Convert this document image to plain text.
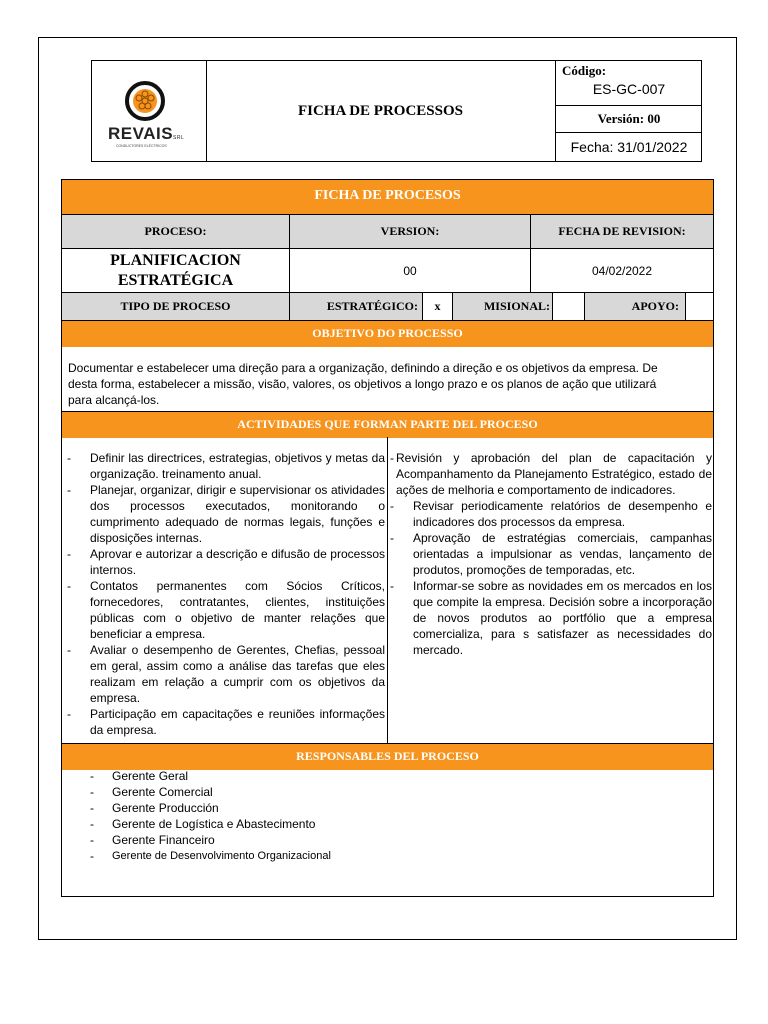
REVAISSRL
CONDUCTORES ELÉCTRICOS
FICHA DE PROCESSOS
Código:
ES-GC-007
Versión: 00
Fecha: 31/01/2022
FICHA DE PROCESOS
PROCESO:	VERSION:	FECHA DE REVISION:
PLANIFICACION
ESTRATÉGICA
00	04/02/2022
TIPO DE PROCESO	ESTRATÉGICO:	x	MISIONAL:	APOYO:
OBJETIVO DO PROCESSO
Documentar e estabelecer uma direção para a organização, definindo a direção e os objetivos da empresa. De
desta forma, estabelecer a missão, visão, valores, os objetivos a longo prazo e os planos de ação que utilizará
para alcançá-los.
ACTIVIDADES QUE FORMAN PARTE DEL PROCESO
-	Definir las directrices, estrategias, objetivos y metas da organização. treinamento anual.
-	Planejar, organizar, dirigir e supervisionar os atividades dos processos executados, monitorando o cumprimento adequado de normas legais, funções e disposições internas.
-	Aprovar e autorizar a descrição e difusão de processos internos.
-	Contatos permanentes com Sócios Críticos, fornecedores, contratantes, clientes, instituições públicas com o objetivo de manter relações que beneficiar a empresa.
-	Avaliar o desempenho de Gerentes, Chefias, pessoal em geral, assim como a análise das tarefas que eles realizam em relação a cumprir com os objetivos da empresa.
-	Participação em capacitações e reuniões informações da empresa.
- Revisión y aprobación del plan de capacitación y Acompanhamento da Planejamento Estratégico, estado de ações de melhoria e comportamento de indicadores.
-	Revisar periodicamente relatórios de desempenho e indicadores dos processos da empresa.
-	Aprovação de estratégias comerciais, campanhas orientadas a impulsionar as vendas, lançamento de produtos, promoções de temporadas, etc.
-	Informar-se sobre as novidades em os mercados en los que compite la empresa. Decisión sobre a incorporação de novos produtos ao portfólio que a empresa comercializa, para s satisfazer as necessidades do mercado.
RESPONSABLES DEL PROCESO
-	Gerente Geral
-	Gerente Comercial
-	Gerente Producción
-	Gerente de Logística e Abastecimento
-	Gerente Financeiro
-	Gerente de Desenvolvimento Organizacional
